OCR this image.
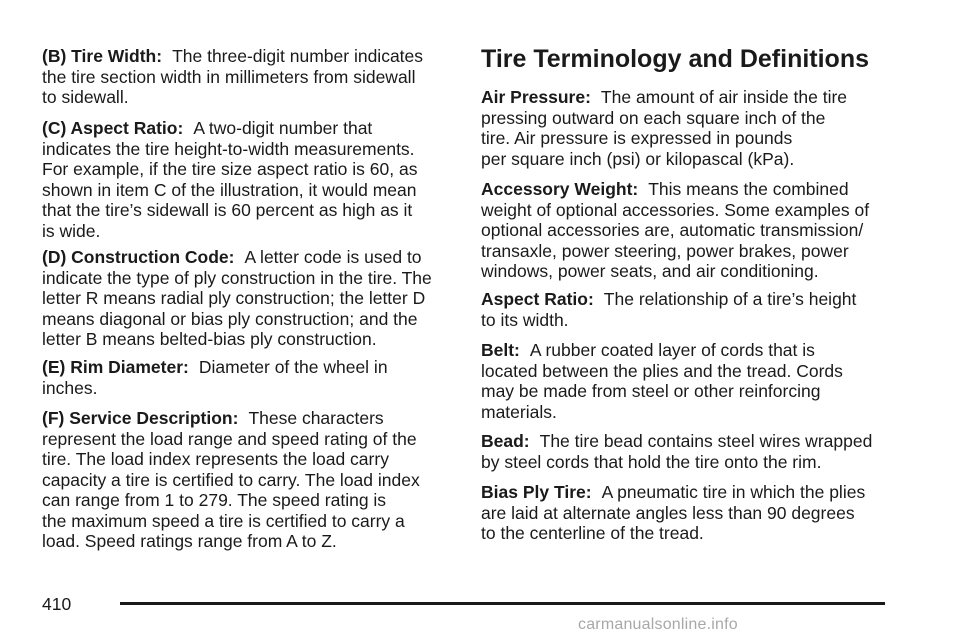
(B) Tire Width: The three-digit number indicates
the tire section width in millimeters from sidewall
to sidewall.
(C) Aspect Ratio: A two-digit number that
indicates the tire height-to-width measurements.
For example, if the tire size aspect ratio is 60, as
shown in item C of the illustration, it would mean
that the tire’s sidewall is 60 percent as high as it
is wide.
(D) Construction Code: A letter code is used to
indicate the type of ply construction in the tire. The
letter R means radial ply construction; the letter D
means diagonal or bias ply construction; and the
letter B means belted-bias ply construction.
(E) Rim Diameter: Diameter of the wheel in
inches.
(F) Service Description: These characters
represent the load range and speed rating of the
tire. The load index represents the load carry
capacity a tire is certified to carry. The load index
can range from 1 to 279. The speed rating is
the maximum speed a tire is certified to carry a
load. Speed ratings range from A to Z.
Tire Terminology and Definitions
Air Pressure: The amount of air inside the tire
pressing outward on each square inch of the
tire. Air pressure is expressed in pounds
per square inch (psi) or kilopascal (kPa).
Accessory Weight: This means the combined
weight of optional accessories. Some examples of
optional accessories are, automatic transmission/
transaxle, power steering, power brakes, power
windows, power seats, and air conditioning.
Aspect Ratio: The relationship of a tire’s height
to its width.
Belt: A rubber coated layer of cords that is
located between the plies and the tread. Cords
may be made from steel or other reinforcing
materials.
Bead: The tire bead contains steel wires wrapped
by steel cords that hold the tire onto the rim.
Bias Ply Tire: A pneumatic tire in which the plies
are laid at alternate angles less than 90 degrees
to the centerline of the tread.
410
carmanualsonline.info
